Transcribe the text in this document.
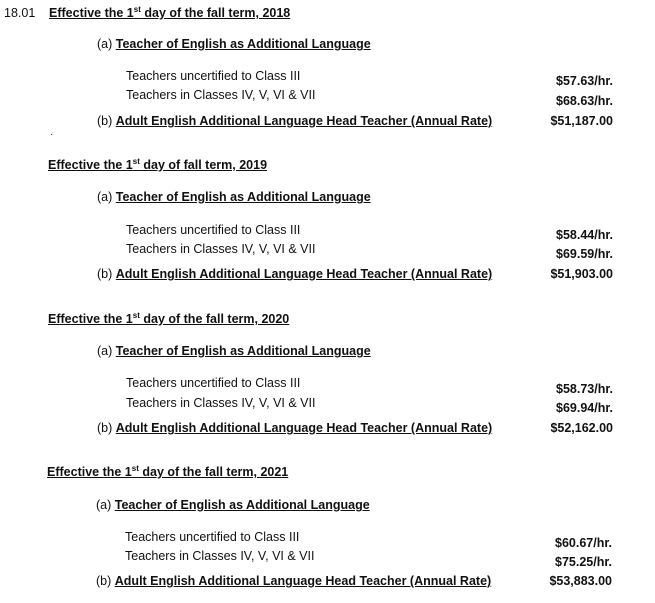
18.01 Effective the 1st day of the fall term, 2018
(a) Teacher of English as Additional Language
Teachers uncertified to Class III	$57.63/hr.
Teachers in Classes IV, V, VI & VII	$68.63/hr.
(b) Adult English Additional Language Head Teacher (Annual Rate)	$51,187.00
·
Effective the 1st day of fall term, 2019
(a) Teacher of English as Additional Language
Teachers uncertified to Class III	$58.44/hr.
Teachers in Classes IV, V, VI & VII	$69.59/hr.
(b) Adult English Additional Language Head Teacher (Annual Rate)	$51,903.00
Effective the 1st day of the fall term, 2020
(a) Teacher of English as Additional Language
Teachers uncertified to Class III	$58.73/hr.
Teachers in Classes IV, V, VI & VII	$69.94/hr.
(b) Adult English Additional Language Head Teacher (Annual Rate)	$52,162.00
Effective the 1st day of the fall term, 2021
(a) Teacher of English as Additional Language
Teachers uncertified to Class III	$60.67/hr.
Teachers in Classes IV, V, VI & VII	$75.25/hr.
(b) Adult English Additional Language Head Teacher (Annual Rate)	$53,883.00
